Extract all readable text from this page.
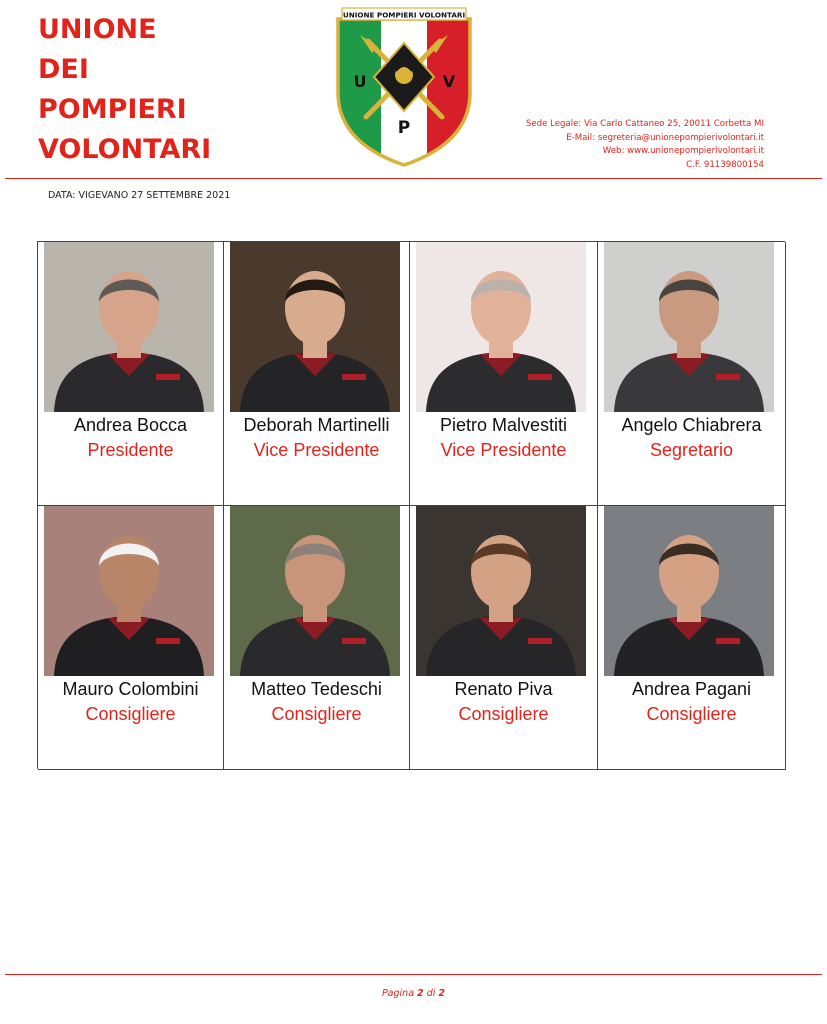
UNIONE
DEI
POMPIERI
VOLONTARI
UNIONE POMPIERI VOLONTARI
U	V
P	Sede Legale: Via Carlo Cattaneo 25, 20011 Corbetta MI
E-Mail: segreteria@unionepompierivolontari.it
Web: www.unionepompierivolontari.it
C.F. 91139800154
DATA: VIGEVANO 27 SETTEMBRE 2021
Andrea Bocca
Presidente
Deborah Martinelli
Vice Presidente
Pietro Malvestiti
Vice Presidente
Angelo Chiabrera
Segretario
Mauro Colombini
Consigliere
Matteo Tedeschi
Consigliere
Renato Piva
Consigliere
Andrea Pagani
Consigliere
Pagina 2 di 2
